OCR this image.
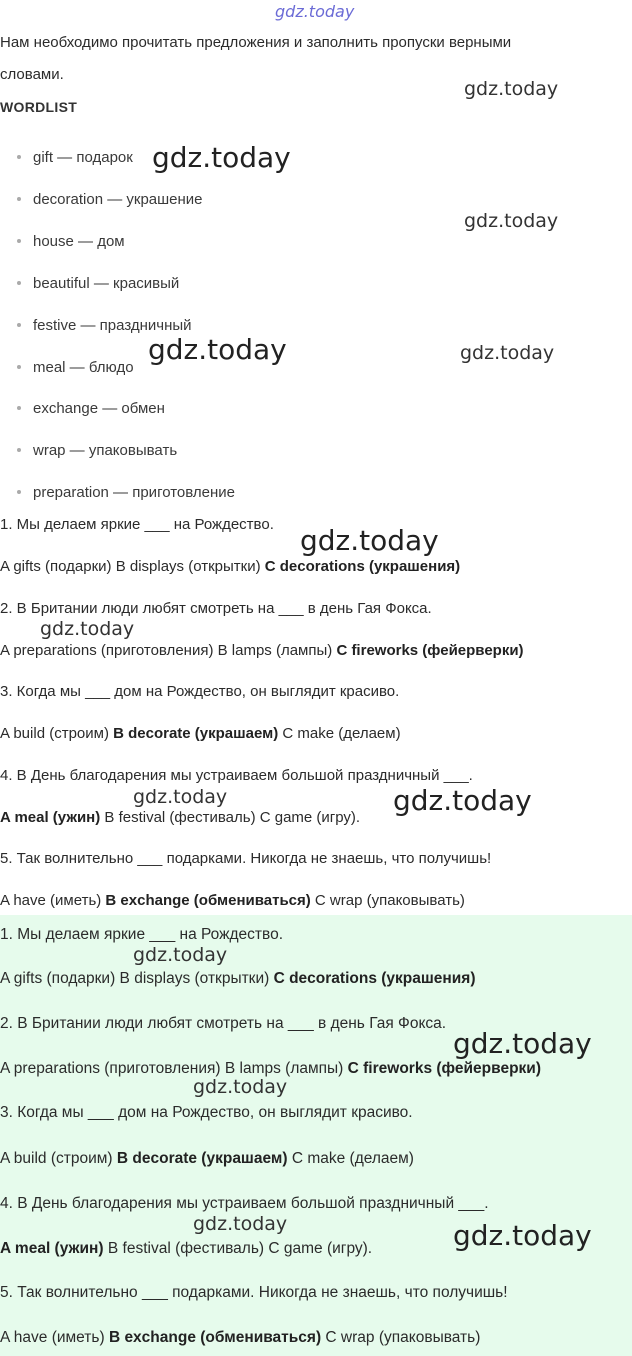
gdz.today
gdz.today
gdz.today
gdz.today
gdz.today	gdz.today
Нам необходимо прочитать предложения и заполнить пропуски верными
словами.
WORDLIST
gift — подарок
decoration — украшение
house — дом
beautiful — красивый
festive — праздничный
meal — блюдо
exchange — обмен
wrap — упаковывать
preparation — приготовление
1. Мы делаем яркие ___ на Рождество.
A gifts (подарки) B displays (открытки) C decorations (украшения)
gdz.today
2. В Британии люди любят смотреть на ___ в день Гая Фокса.
gdz.today
A preparations (приготовления) B lamps (лампы) C fireworks (фейерверки)
3. Когда мы ___ дом на Рождество, он выглядит красиво.
A build (строим) B decorate (украшаем) C make (делаем)
4. В День благодарения мы устраиваем большой праздничный ___.
gdz.today	gdz.today
A meal (ужин) B festival (фестиваль) C game (игру).
5. Так волнительно ___ подарками. Никогда не знаешь, что получишь!
A have (иметь) B exchange (обмениваться) C wrap (упаковывать)
1. Мы делаем яркие ___ на Рождество.
gdz.today
A gifts (подарки) B displays (открытки) C decorations (украшения)
2. В Британии люди любят смотреть на ___ в день Гая Фокса.
gdz.today
A preparations (приготовления) B lamps (лампы) C fireworks (фейерверки)
gdz.today
3. Когда мы ___ дом на Рождество, он выглядит красиво.
A build (строим) B decorate (украшаем) C make (делаем)
4. В День благодарения мы устраиваем большой праздничный ___.
gdz.today	gdz.today
A meal (ужин) B festival (фестиваль) C game (игру).
5. Так волнительно ___ подарками. Никогда не знаешь, что получишь!
A have (иметь) B exchange (обмениваться) C wrap (упаковывать)
